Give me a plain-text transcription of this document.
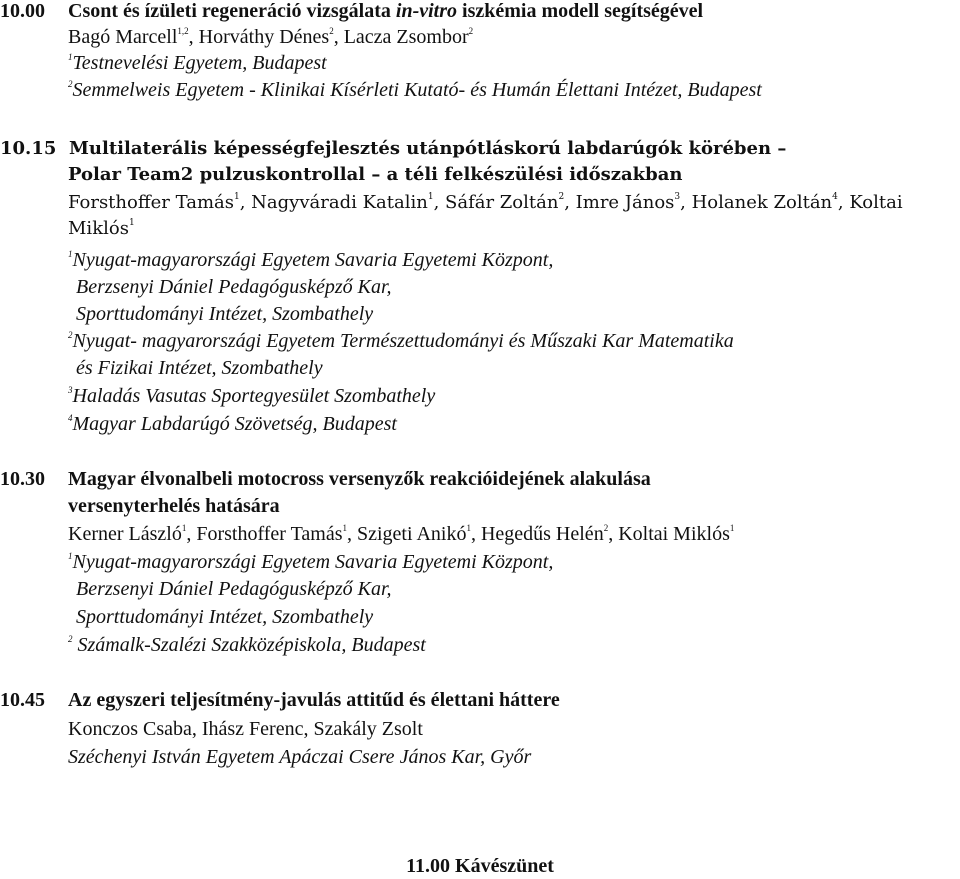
10.00 Csont és ízületi regeneráció vizsgálata in-vitro iszkémia modell segítségével
Bagó Marcell$^{1,2}$, Horváthy Dénes$^2$, Lacza Zsombor$^2$
$^1$Testnevelési Egyetem, Budapest
$^2$Semmelweis Egyetem - Klinikai Kísérleti Kutató- és Humán Élettani Intézet, Budapest
10.15 Multilaterális képességfejlesztés utánpótláskorú labdarúgók körében –
Polar Team2 pulzuskontrollal – a téli felkészülési időszakban
Forsthoffer Tamás$^1$, Nagyváradi Katalin$^1$, Sáfár Zoltán$^2$, Imre János$^3$, Holanek Zoltán$^4$, Koltai
Miklós$^1$
$^1$Nyugat-magyarországi Egyetem Savaria Egyetemi Központ,
Berzsenyi Dániel Pedagógusképző Kar,
Sporttudományi Intézet, Szombathely
$^2$Nyugat- magyarországi Egyetem Természettudományi és Műszaki Kar Matematika
és Fizikai Intézet, Szombathely
$^3$Haladás Vasutas Sportegyesület Szombathely
$^4$Magyar Labdarúgó Szövetség, Budapest
10.30 Magyar élvonalbeli motocross versenyzők reakcióidejének alakulása
versenyterhelés hatására
Kerner László$^1$, Forsthoffer Tamás$^1$, Szigeti Anikó$^1$, Hegedűs Helén$^2$, Koltai Miklós$^1$
$^1$Nyugat-magyarországi Egyetem Savaria Egyetemi Központ,
Berzsenyi Dániel Pedagógusképző Kar,
Sporttudományi Intézet, Szombathely
$^2$ Számalk-Szalézi Szakközépiskola, Budapest
10.45 Az egyszeri teljesítmény-javulás attitűd és élettani háttere
Konczos Csaba, Ihász Ferenc, Szakály Zsolt
Széchenyi István Egyetem Apáczai Csere János Kar, Győr
11.00 Kávészünet
